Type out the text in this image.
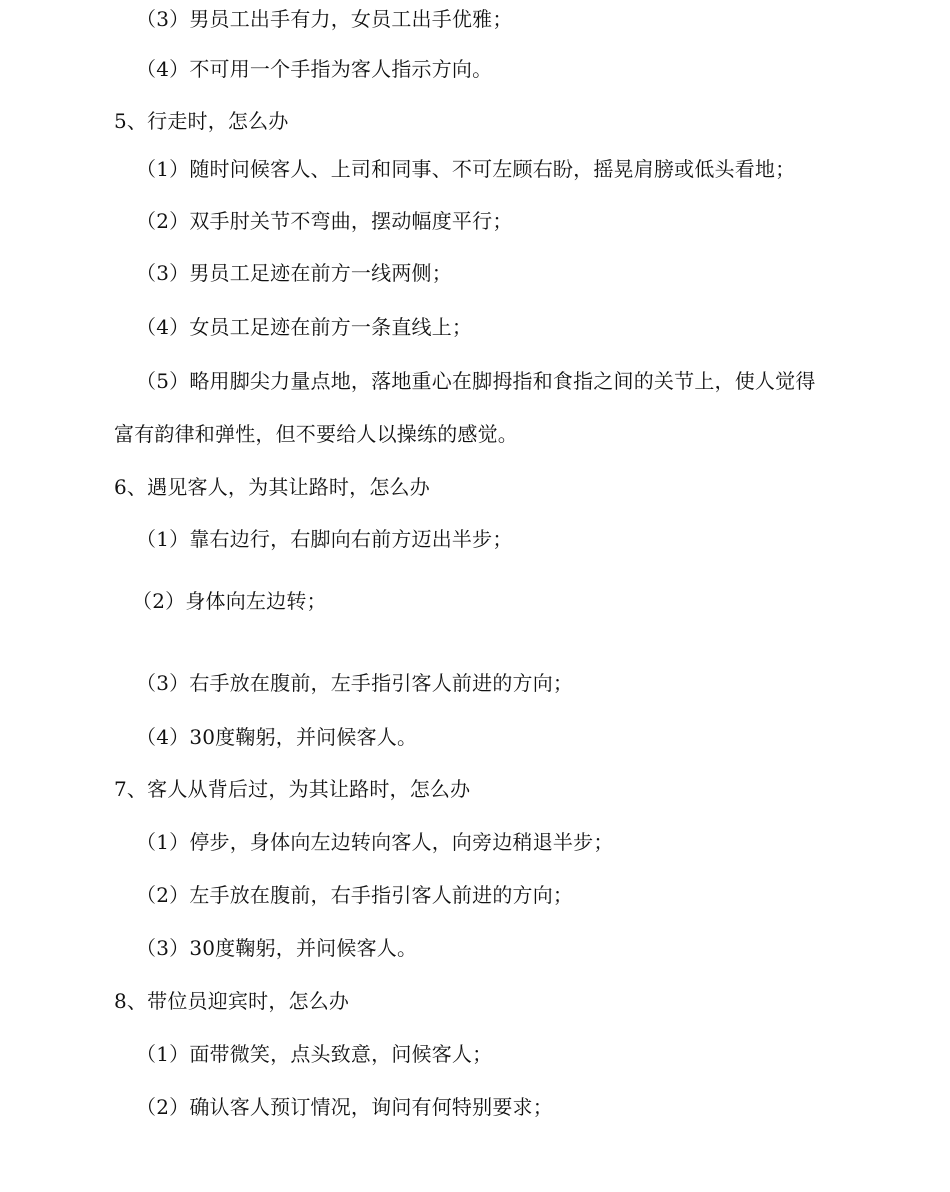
（3）男员工出手有力，女员工出手优雅；
（4）不可用一个手指为客人指示方向。
5、行走时，怎么办
（1）随时问候客人、上司和同事、不可左顾右盼，摇晃肩膀或低头看地；
（2）双手肘关节不弯曲，摆动幅度平行；
（3）男员工足迹在前方一线两侧；
（4）女员工足迹在前方一条直线上；
（5）略用脚尖力量点地，落地重心在脚拇指和食指之间的关节上，使人觉得
富有韵律和弹性，但不要给人以操练的感觉。
6、遇见客人，为其让路时，怎么办
（1）靠右边行，右脚向右前方迈出半步；
（2）身体向左边转；
（3）右手放在腹前，左手指引客人前进的方向；
（4）30度鞠躬，并问候客人。
7、客人从背后过，为其让路时，怎么办
（1）停步，身体向左边转向客人，向旁边稍退半步；
（2）左手放在腹前，右手指引客人前进的方向；
（3）30度鞠躬，并问候客人。
8、带位员迎宾时，怎么办
（1）面带微笑，点头致意，问候客人；
（2）确认客人预订情况，询问有何特别要求；
